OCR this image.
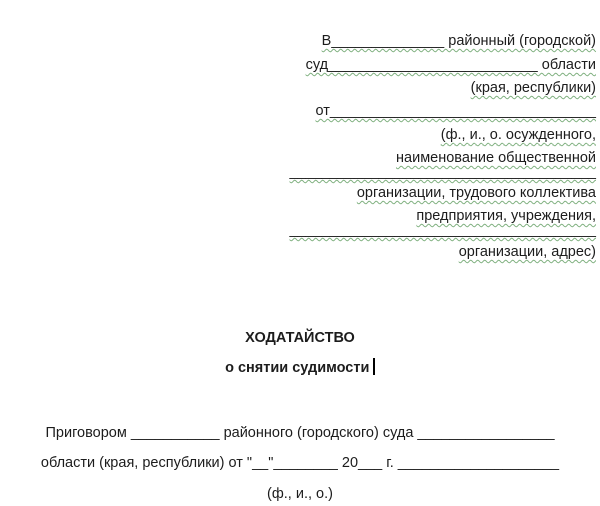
В______________ районный (городской)
суд__________________________ области
(края, республики)
от_________________________________
(ф., и., о. осужденного,
наименование общественной
______________________________________
организации, трудового коллектива
предприятия, учреждения,
______________________________________
организации, адрес)
ХОДАТАЙСТВО
о снятии судимости
Приговором ___________ районного (городского) суда _________________
области (края, республики) от "__"________ 20___ г. ____________________
(ф., и., о.)
